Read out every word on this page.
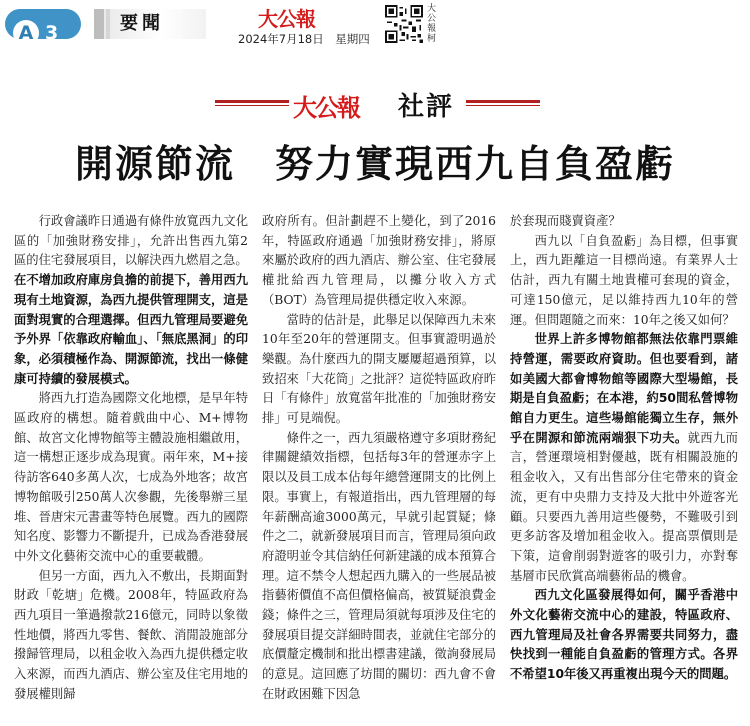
A 3	要聞	大公報
2024年7月18日　星期四
大公報柯
大公報 社評
開源節流　努力實現西九自負盈虧

行政會議昨日通過有條件放寬西九文化區的「加強財務安排」，允許出售西九第2區的住宅發展項目，以解決西九燃眉之急。

在不增加政府庫房負擔的前提下，善用西九現有土地資源，為西九提供管理開支，這是面對現實的合理選擇。但西九管理局要避免予外界「依靠政府輸血」、「無底黑洞」的印象，必須積極作為、開源節流，找出一條健康可持續的發展模式。

將西九打造為國際文化地標，是早年特區政府的構想。隨着戲曲中心、M+博物館、故宮文化博物館等主體設施相繼啟用，這一構想正逐步成為現實。兩年來，M+接待訪客640多萬人次，七成為外地客；故宮博物館吸引250萬人次參觀，先後舉辦三星堆、晉唐宋元書畫等特色展覽。西九的國際知名度、影響力不斷提升，已成為香港發展中外文化藝術交流中心的重要載體。

但另一方面，西九入不敷出，長期面對財政「乾塘」危機。2008年，特區政府為西九項目一筆過撥款216億元，同時以象徵性地價，將西九零售、餐飲、消閒設施部分撥歸管理局，以租金收入為西九提供穩定收入來源，而西九酒店、辦公室及住宅用地的發展權則歸

政府所有。但計劃趕不上變化，到了2016年，特區政府通過「加強財務安排」，將原來屬於政府的西九酒店、辦公室、住宅發展權批給西九管理局，以攤分收入方式（BOT）為管理局提供穩定收入來源。

當時的估計是，此舉足以保障西九未來10年至20年的營運開支。但事實證明過於樂觀。為什麼西九的開支屢屢超過預算，以致招來「大花筒」之批評？這從特區政府昨日「有條件」放寬當年批准的「加強財務安排」可見端倪。

條件之一，西九須嚴格遵守多項財務紀律關鍵績效指標，包括每3年的營運赤字上限以及員工成本佔每年總營運開支的比例上限。事實上，有報道指出，西九管理層的每年薪酬高逾3000萬元，早就引起質疑；條件之二，就新發展項目而言，管理局須向政府證明並令其信納任何新建議的成本預算合理。這不禁令人想起西九購入的一些展品被指藝術價值不高但價格偏高，被質疑浪費金錢；條件之三，管理局須就每項涉及住宅的發展項目提交詳細時間表，並就住宅部分的底價釐定機制和批出標書建議，徵詢發展局的意見。這回應了坊間的關切：西九會不會在財政困難下因急

於套現而賤賣資產？

西九以「自負盈虧」為目標，但事實上，西九距離這一目標尚遠。有業界人士估計，西九有關土地貴權可套現的資金，可達150億元，足以維持西九10年的營運。但問題隨之而來：10年之後又如何？

世界上許多博物館都無法依靠門票維持營運，需要政府資助。但也要看到，諸如美國大都會博物館等國際大型場館，長期是自負盈虧；在本港，約50間私營博物館自力更生。這些場館能獨立生存，無外乎在開源和節流兩端狠下功夫。就西九而言，營運環境相對優越，既有相關設施的租金收入，又有出售部分住宅帶來的資金流，更有中央鼎力支持及大批中外遊客光顧。只要西九善用這些優勢，不難吸引到更多訪客及增加租金收入。提高票價則是下策，這會削弱對遊客的吸引力，亦對奪基層市民欣賞高端藝術品的機會。

西九文化區發展得如何，關乎香港中外文化藝術交流中心的建設，特區政府、西九管理局及社會各界需要共同努力，盡快找到一種能自負盈虧的管理方式。各界不希望10年後又再重複出現今天的問題。
